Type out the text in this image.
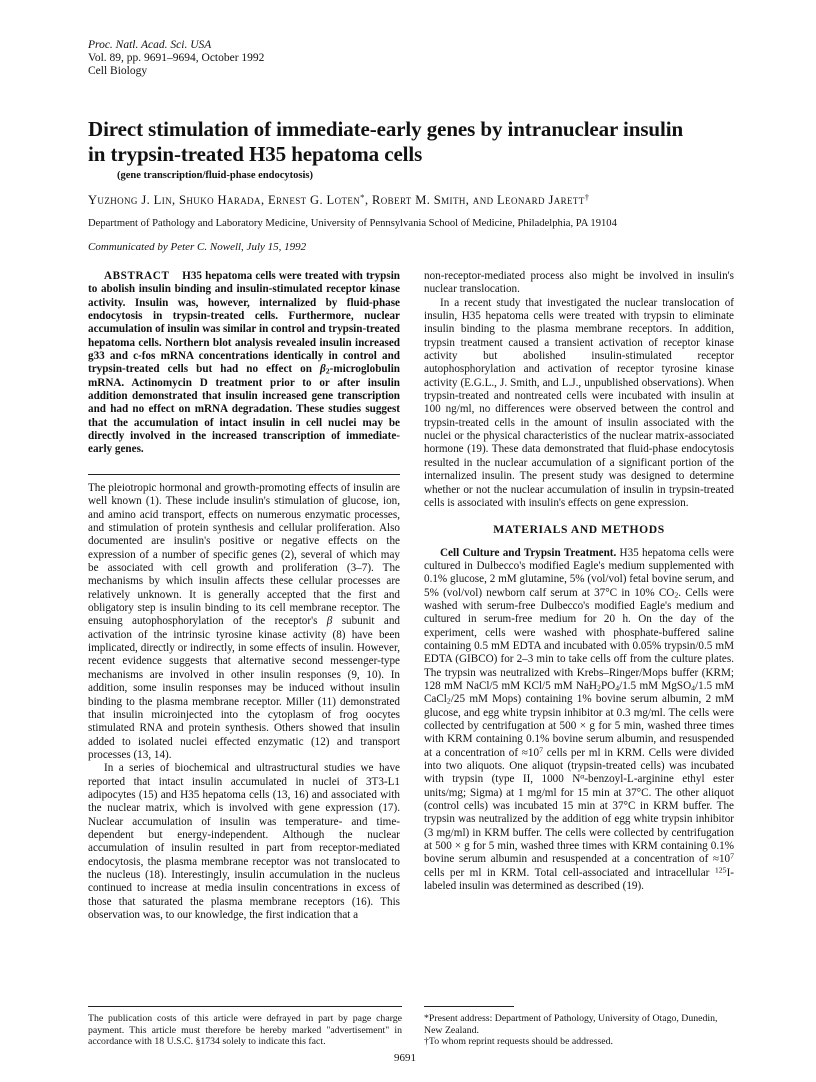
Proc. Natl. Acad. Sci. USA
Vol. 89, pp. 9691–9694, October 1992
Cell Biology
Direct stimulation of immediate-early genes by intranuclear insulin
in trypsin-treated H35 hepatoma cells
(gene transcription/fluid-phase endocytosis)
Yuzhong J. Lin, Shuko Harada, Ernest G. Loten*, Robert M. Smith, and Leonard Jarett†
Department of Pathology and Laboratory Medicine, University of Pennsylvania School of Medicine, Philadelphia, PA 19104
Communicated by Peter C. Nowell, July 15, 1992

ABSTRACT H35 hepatoma cells were treated with trypsin to abolish insulin binding and insulin-stimulated receptor kinase activity. Insulin was, however, internalized by fluid-phase endocytosis in trypsin-treated cells. Furthermore, nuclear accumulation of insulin was similar in control and trypsin-treated hepatoma cells. Northern blot analysis revealed insulin increased g33 and c-fos mRNA concentrations identically in control and trypsin-treated cells but had no effect on $\beta_2$-microglobulin mRNA. Actinomycin D treatment prior to or after insulin addition demonstrated that insulin increased gene transcription and had no effect on mRNA degradation. These studies suggest that the accumulation of intact insulin in cell nuclei may be directly involved in the increased transcription of immediate-early genes.

The pleiotropic hormonal and growth-promoting effects of insulin are well known (1). These include insulin's stimulation of glucose, ion, and amino acid transport, effects on numerous enzymatic processes, and stimulation of protein synthesis and cellular proliferation. Also documented are insulin's positive or negative effects on the expression of a number of specific genes (2), several of which may be associated with cell growth and proliferation (3–7). The mechanisms by which insulin affects these cellular processes are relatively unknown. It is generally accepted that the first and obligatory step is insulin binding to its cell membrane receptor. The ensuing autophosphorylation of the receptor's β subunit and activation of the intrinsic tyrosine kinase activity (8) have been implicated, directly or indirectly, in some effects of insulin. However, recent evidence suggests that alternative second messenger-type mechanisms are involved in other insulin responses (9, 10). In addition, some insulin responses may be induced without insulin binding to the plasma membrane receptor. Miller (11) demonstrated that insulin microinjected into the cytoplasm of frog oocytes stimulated RNA and protein synthesis. Others showed that insulin added to isolated nuclei effected enzymatic (12) and transport processes (13, 14).

In a series of biochemical and ultrastructural studies we have reported that intact insulin accumulated in nuclei of 3T3-L1 adipocytes (15) and H35 hepatoma cells (13, 16) and associated with the nuclear matrix, which is involved with gene expression (17). Nuclear accumulation of insulin was temperature- and time-dependent but energy-independent. Although the nuclear accumulation of insulin resulted in part from receptor-mediated endocytosis, the plasma membrane receptor was not translocated to the nucleus (18). Interestingly, insulin accumulation in the nucleus continued to increase at media insulin concentrations in excess of those that saturated the plasma membrane receptors (16). This observation was, to our knowledge, the first indication that a

non-receptor-mediated process also might be involved in insulin's nuclear translocation.

In a recent study that investigated the nuclear translocation of insulin, H35 hepatoma cells were treated with trypsin to eliminate insulin binding to the plasma membrane receptors. In addition, trypsin treatment caused a transient activation of receptor kinase activity but abolished insulin-stimulated receptor autophosphorylation and activation of receptor tyrosine kinase activity (E.G.L., J. Smith, and L.J., unpublished observations). When trypsin-treated and nontreated cells were incubated with insulin at 100 ng/ml, no differences were observed between the control and trypsin-treated cells in the amount of insulin associated with the nuclei or the physical characteristics of the nuclear matrix-associated hormone (19). These data demonstrated that fluid-phase endocytosis resulted in the nuclear accumulation of a significant portion of the internalized insulin. The present study was designed to determine whether or not the nuclear accumulation of insulin in trypsin-treated cells is associated with insulin's effects on gene expression.

MATERIALS AND METHODS

Cell Culture and Trypsin Treatment. H35 hepatoma cells were cultured in Dulbecco's modified Eagle's medium supplemented with 0.1% glucose, 2 mM glutamine, 5% (vol/vol) fetal bovine serum, and 5% (vol/vol) newborn calf serum at 37°C in 10% $CO_2$. Cells were washed with serum-free Dulbecco's modified Eagle's medium and cultured in serum-free medium for 20 h. On the day of the experiment, cells were washed with phosphate-buffered saline containing 0.5 mM EDTA and incubated with 0.05% trypsin/0.5 mM EDTA (GIBCO) for 2–3 min to take cells off from the culture plates. The trypsin was neutralized with Krebs–Ringer/Mops buffer (KRM; 128 mM NaCl/5 mM KCl/5 mM $NaH_2PO_4/1.5$ mM MgSO$_4$/1.5 mM CaCl$_2$/25 mM Mops) containing 1% bovine serum albumin, 2 mM glucose, and egg white trypsin inhibitor at 0.3 mg/ml. The cells were collected by centrifugation at 500 × g for 5 min, washed three times with KRM containing 0.1% bovine serum albumin, and resuspended at a concentration of $\approx 10^7$ cells per ml in KRM. Cells were divided into two aliquots. One aliquot (trypsin-treated cells) was incubated with trypsin (type II, 1000 $N^\alpha-benzoyl-L$-arginine ethyl ester units/mg; Sigma) at 1 mg/ml for 15 min at 37°C. The other aliquot (control cells) was incubated 15 min at 37°C in KRM buffer. The trypsin was neutralized by the addition of egg white trypsin inhibitor (3 mg/ml) in KRM buffer. The cells were collected by centrifugation at 500 × g for 5 min, washed three times with KRM containing 0.1% bovine serum albumin and resuspended at a concentration of $\approx 10^7$ cells per ml in KRM. Total cell-associated and intracellular $^{125}$I-labeled insulin was determined as described (19).

The publication costs of this article were defrayed in part by page charge payment. This article must therefore be hereby marked "advertisement" in accordance with 18 U.S.C. §1734 solely to indicate this fact.
*Present address: Department of Pathology, University of Otago, Dunedin, New Zealand.
†To whom reprint requests should be addressed.
9691
